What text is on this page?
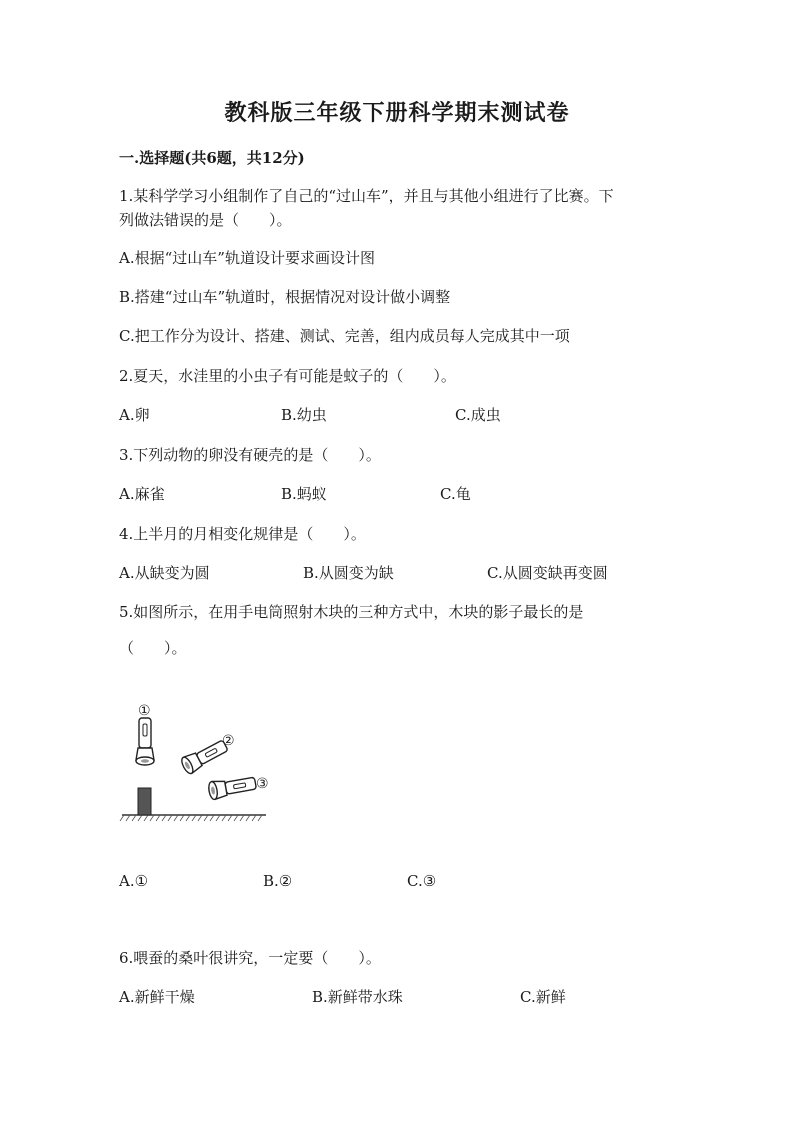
教科版三年级下册科学期末测试卷
一.选择题(共6题，共12分)
1.某科学学习小组制作了自己的“过山车”，并且与其他小组进行了比赛。下
列做法错误的是（　　）。
A.根据“过山车”轨道设计要求画设计图
B.搭建“过山车”轨道时，根据情况对设计做小调整
C.把工作分为设计、搭建、测试、完善，组内成员每人完成其中一项
2.夏天，水洼里的小虫子有可能是蚊子的（　　）。
A.卵	B.幼虫	C.成虫
3.下列动物的卵没有硬壳的是（　　）。
A.麻雀	B.蚂蚁	C.龟
4.上半月的月相变化规律是（　　）。
A.从缺变为圆	B.从圆变为缺	C.从圆变缺再变圆
5.如图所示，在用手电筒照射木块的三种方式中，木块的影子最长的是
（　　）。
①
②
③
A.①	B.②	C.③
6.喂蚕的桑叶很讲究，一定要（　　）。
A.新鲜干燥	B.新鲜带水珠	C.新鲜
